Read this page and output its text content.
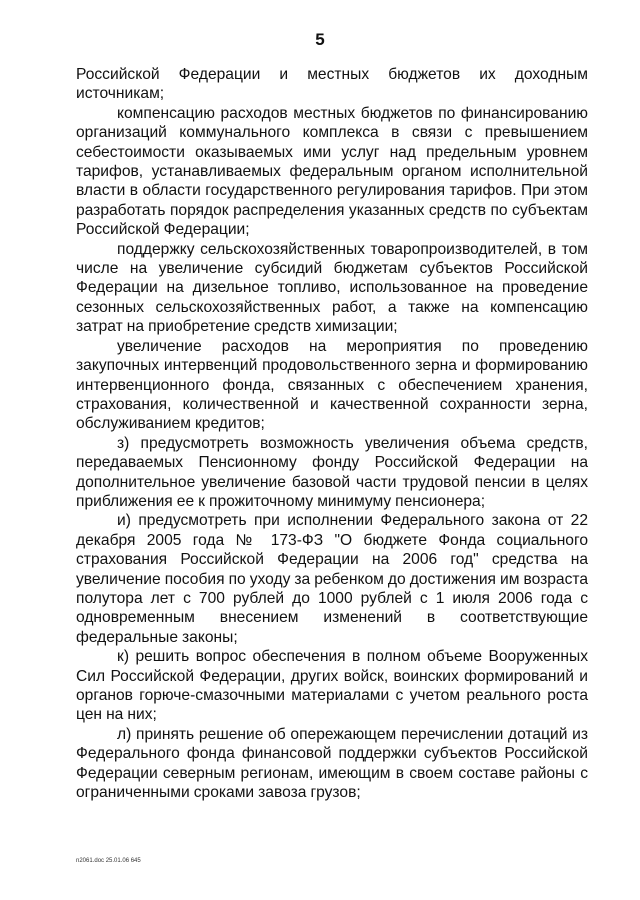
5

Российской Федерации и местных бюджетов их доходным источникам;

компенсацию расходов местных бюджетов по финансированию организаций коммунального комплекса в связи с превышением себестоимости оказываемых ими услуг над предельным уровнем тарифов, устанавливаемых федеральным органом исполнительной власти в области государственного регулирования тарифов. При этом разработать порядок распределения указанных средств по субъектам Российской Федерации;

поддержку сельскохозяйственных товаропроизводителей, в том числе на увеличение субсидий бюджетам субъектов Российской Федерации на дизельное топливо, использованное на проведение сезонных сельскохозяйственных работ, а также на компенсацию затрат на приобретение средств химизации;

увеличение расходов на мероприятия по проведению закупочных интервенций продовольственного зерна и формированию интервенционного фонда, связанных с обеспечением хранения, страхования, количественной и качественной сохранности зерна, обслуживанием кредитов;

з) предусмотреть возможность увеличения объема средств, передаваемых Пенсионному фонду Российской Федерации на дополнительное увеличение базовой части трудовой пенсии в целях приближения ее к прожиточному минимуму пенсионера;

и) предусмотреть при исполнении Федерального закона от 22 декабря 2005 года № 173-ФЗ "О бюджете Фонда социального страхования Российской Федерации на 2006 год" средства на увеличение пособия по уходу за ребенком до достижения им возраста полутора лет с 700 рублей до 1000 рублей с 1 июля 2006 года с одновременным внесением изменений в соответствующие федеральные законы;

к) решить вопрос обеспечения в полном объеме Вооруженных Сил Российской Федерации, других войск, воинских формирований и органов горюче-смазочными материалами с учетом реального роста цен на них;

л) принять решение об опережающем перечислении дотаций из Федерального фонда финансовой поддержки субъектов Российской Федерации северным регионам, имеющим в своем составе районы с ограниченными сроками завоза грузов;

n2061.doc 25.01.06 645
